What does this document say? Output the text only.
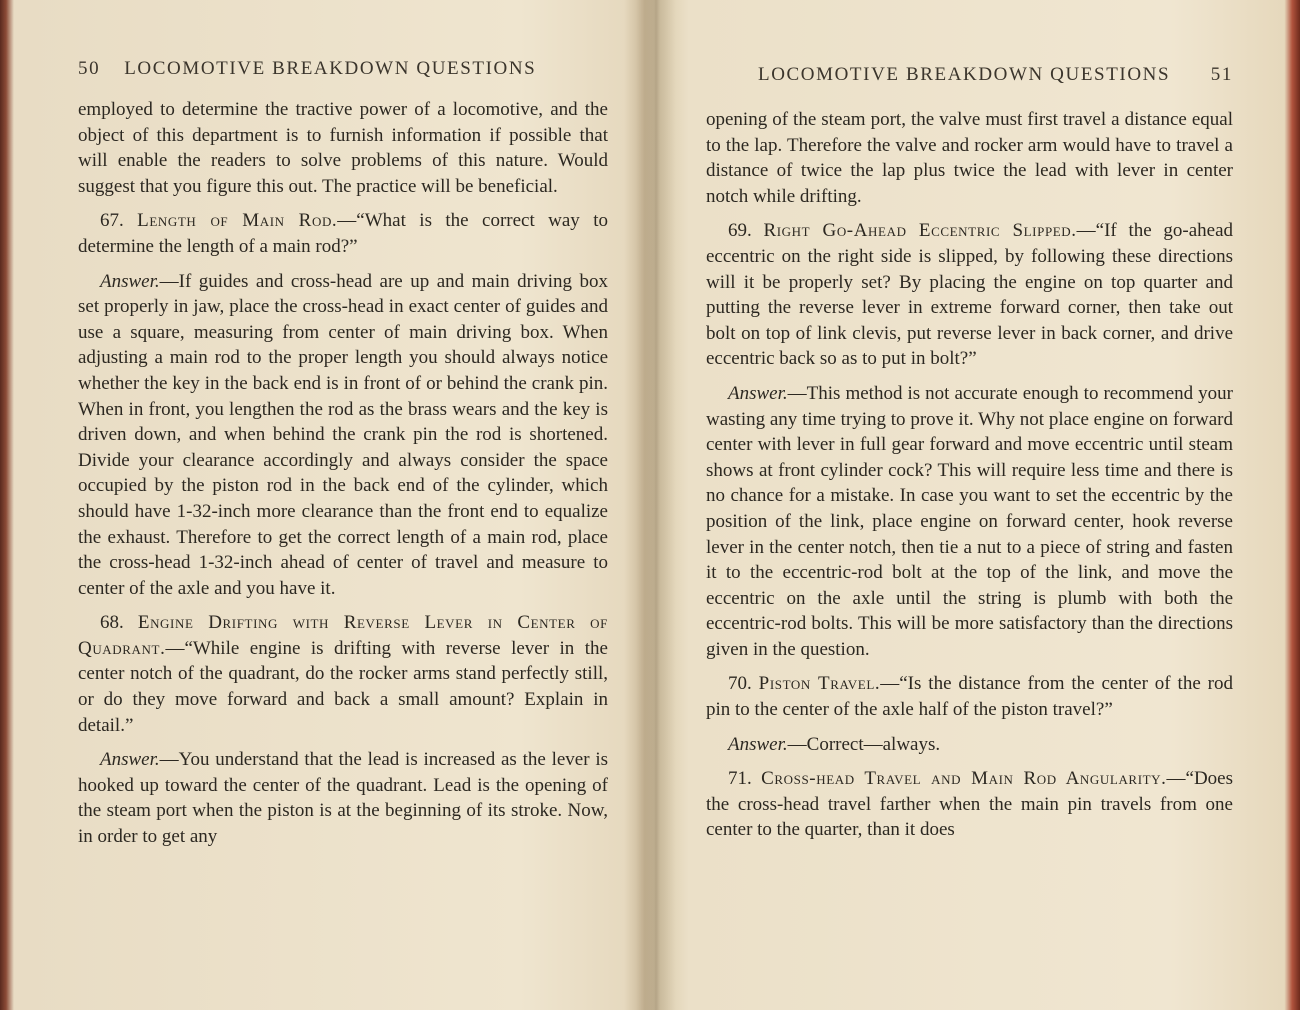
50 LOCOMOTIVE BREAKDOWN QUESTIONS

employed to determine the tractive power of a locomotive, and the object of this department is to furnish information if possible that will enable the readers to solve problems of this nature. Would suggest that you figure this out. The practice will be beneficial.

67. Length of Main Rod.—“What is the correct way to determine the length of a main rod?”

Answer.—If guides and cross-head are up and main driving box set properly in jaw, place the cross-head in exact center of guides and use a square, measuring from center of main driving box. When adjusting a main rod to the proper length you should always notice whether the key in the back end is in front of or behind the crank pin. When in front, you lengthen the rod as the brass wears and the key is driven down, and when behind the crank pin the rod is shortened. Divide your clearance accordingly and always consider the space occupied by the piston rod in the back end of the cylinder, which should have 1-32-inch more clearance than the front end to equalize the exhaust. Therefore to get the correct length of a main rod, place the cross-head 1-32-inch ahead of center of travel and measure to center of the axle and you have it.

68. Engine Drifting with Reverse Lever in Center of Quadrant.—“While engine is drifting with reverse lever in the center notch of the quadrant, do the rocker arms stand perfectly still, or do they move forward and back a small amount? Explain in detail.”

Answer.—You understand that the lead is increased as the lever is hooked up toward the center of the quadrant. Lead is the opening of the steam port when the piston is at the beginning of its stroke. Now, in order to get any

LOCOMOTIVE BREAKDOWN QUESTIONS 51

opening of the steam port, the valve must first travel a distance equal to the lap. Therefore the valve and rocker arm would have to travel a distance of twice the lap plus twice the lead with lever in center notch while drifting.

69. Right Go-Ahead Eccentric Slipped.—“If the go-ahead eccentric on the right side is slipped, by following these directions will it be properly set? By placing the engine on top quarter and putting the reverse lever in extreme forward corner, then take out bolt on top of link clevis, put reverse lever in back corner, and drive eccentric back so as to put in bolt?”

Answer.—This method is not accurate enough to recommend your wasting any time trying to prove it. Why not place engine on forward center with lever in full gear forward and move eccentric until steam shows at front cylinder cock? This will require less time and there is no chance for a mistake. In case you want to set the eccentric by the position of the link, place engine on forward center, hook reverse lever in the center notch, then tie a nut to a piece of string and fasten it to the eccentric-rod bolt at the top of the link, and move the eccentric on the axle until the string is plumb with both the eccentric-rod bolts. This will be more satisfactory than the directions given in the question.

70. Piston Travel.—“Is the distance from the center of the rod pin to the center of the axle half of the piston travel?”

Answer.—Correct—always.

71. Cross-head Travel and Main Rod Angularity.—“Does the cross-head travel farther when the main pin travels from one center to the quarter, than it does
